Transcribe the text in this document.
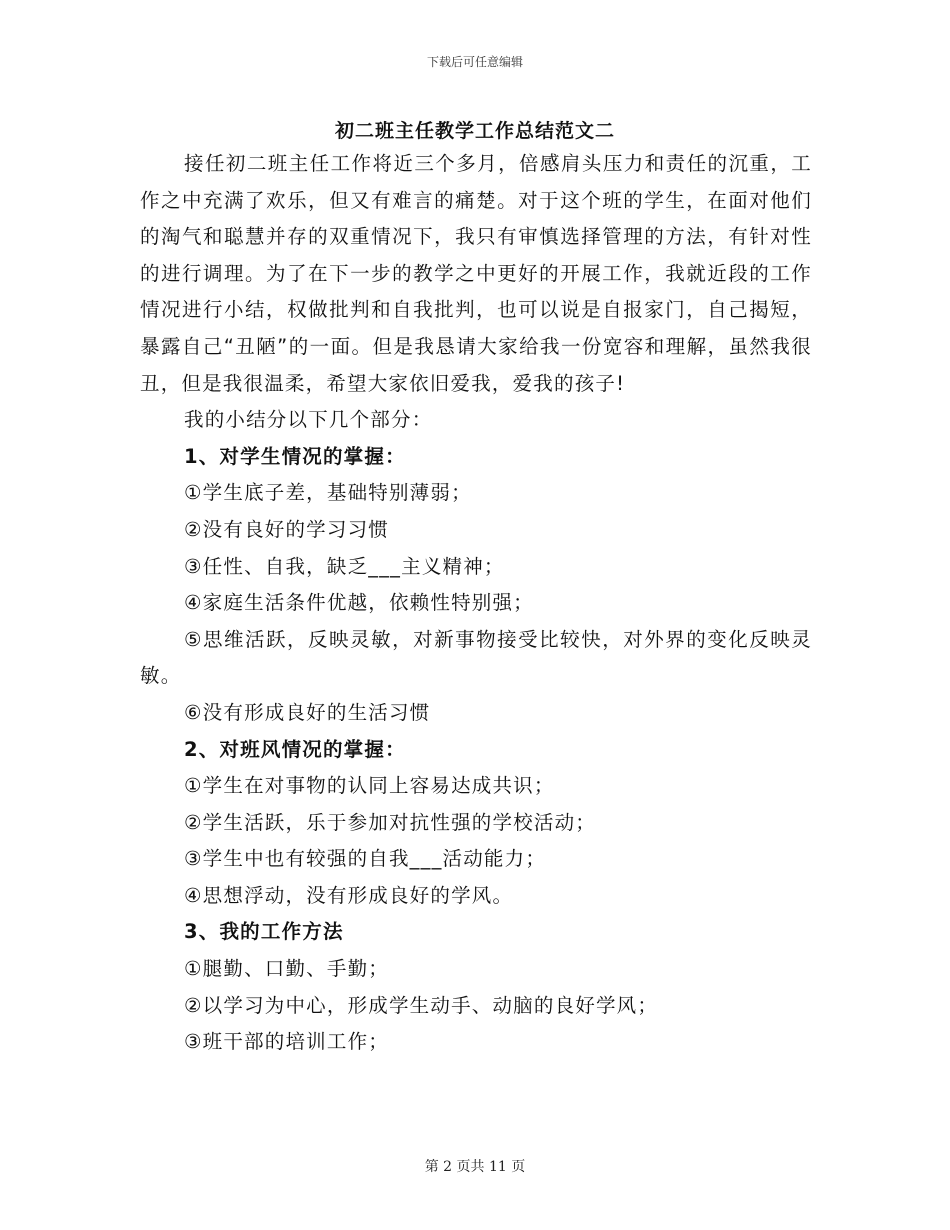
下载后可任意编辑
初二班主任教学工作总结范文二

接任初二班主任工作将近三个多月，倍感肩头压力和责任的沉重，工作之中充满了欢乐，但又有难言的痛楚。对于这个班的学生，在面对他们的淘气和聪慧并存的双重情况下，我只有审慎选择管理的方法，有针对性的进行调理。为了在下一步的教学之中更好的开展工作，我就近段的工作情况进行小结，权做批判和自我批判，也可以说是自报家门，自己揭短，暴露自己“丑陋”的一面。但是我恳请大家给我一份宽容和理解，虽然我很丑，但是我很温柔，希望大家依旧爱我，爱我的孩子!

我的小结分以下几个部分：

1、对学生情况的掌握：

①学生底子差，基础特别薄弱；

②没有良好的学习习惯

③任性、自我，缺乏___主义精神；

④家庭生活条件优越，依赖性特别强；

⑤思维活跃，反映灵敏，对新事物接受比较快，对外界的变化反映灵敏。

⑥没有形成良好的生活习惯

2、对班风情况的掌握：

①学生在对事物的认同上容易达成共识；

②学生活跃，乐于参加对抗性强的学校活动；

③学生中也有较强的自我___活动能力；

④思想浮动，没有形成良好的学风。

3、我的工作方法

①腿勤、口勤、手勤；

②以学习为中心，形成学生动手、动脑的良好学风；

③班干部的培训工作；

第 2 页共 11 页
